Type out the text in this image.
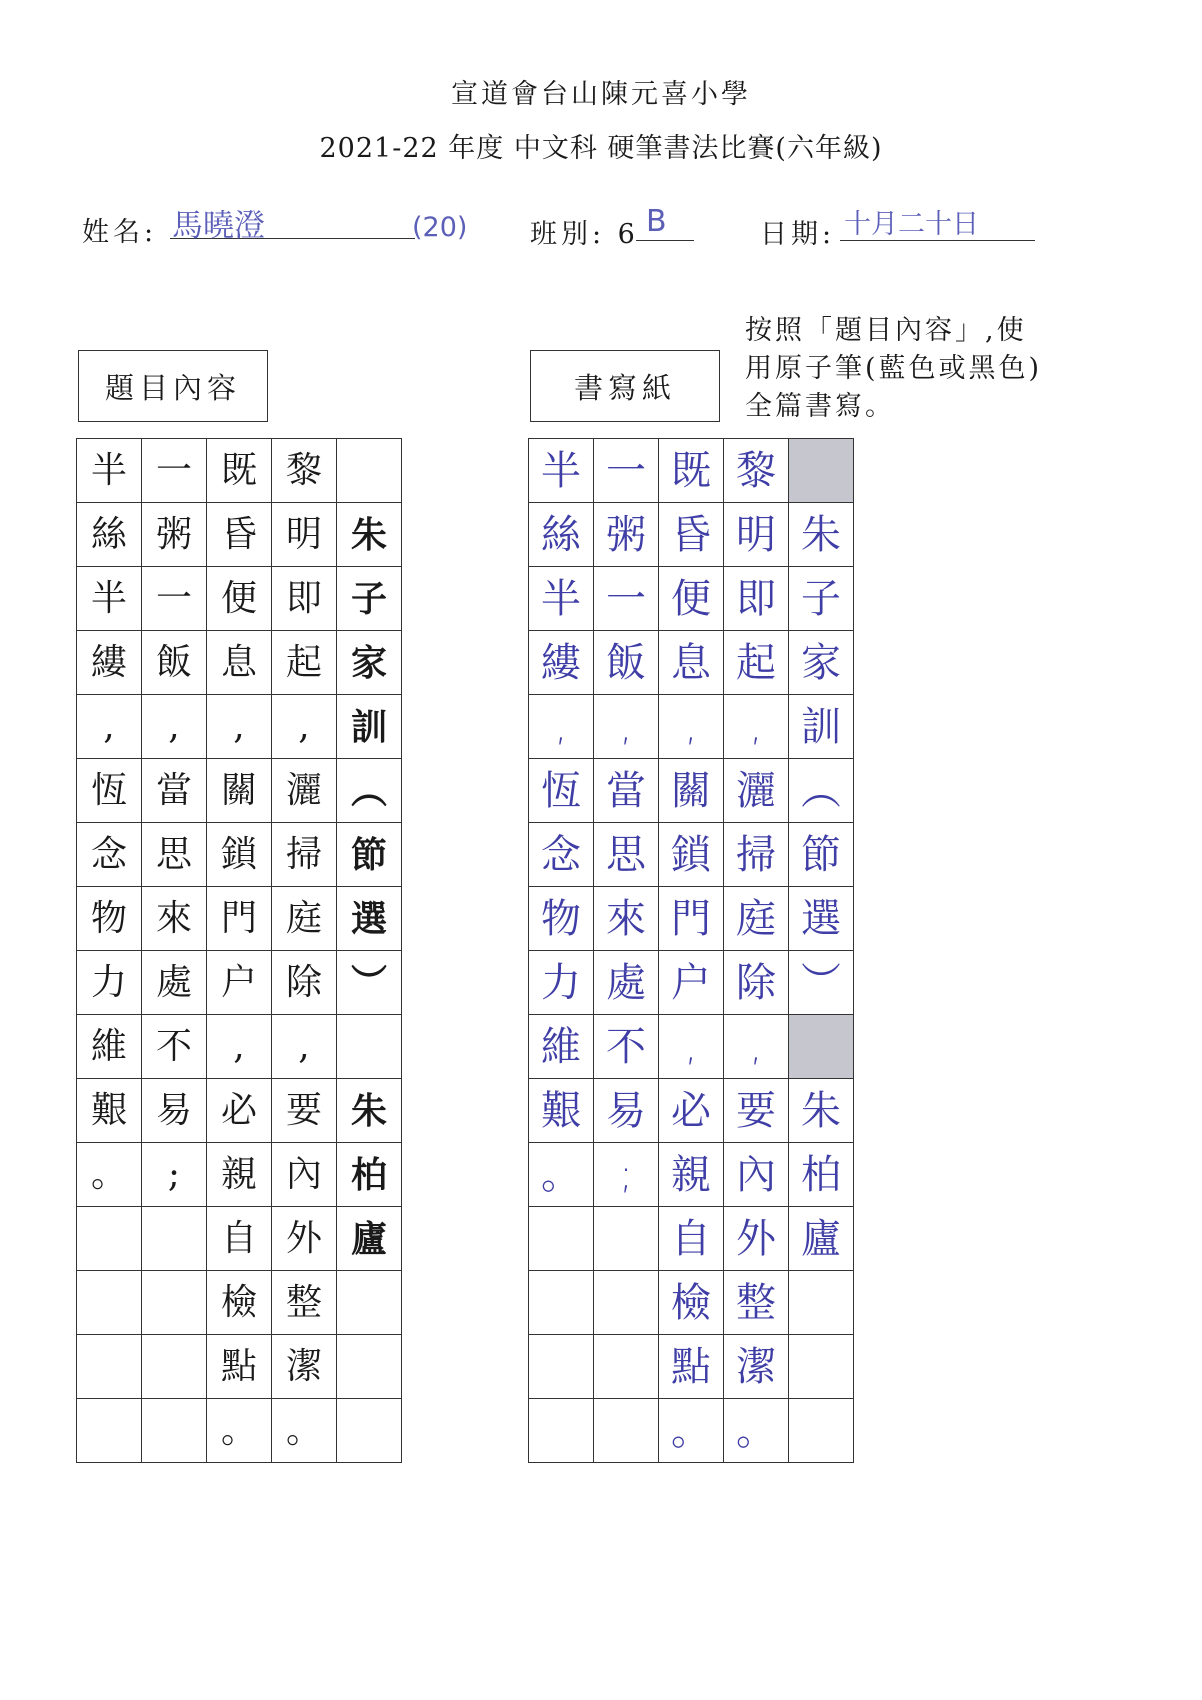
宣道會台山陳元喜小學
2021-22 年度 中文科 硬筆書法比賽(六年級)
姓名: 馬曉澄	(20) 班別: 6 B	日期: 十月二十日
題目內容	書寫紙
按照「題目內容」,使
用原子筆(藍色或黑色)
全篇書寫。
半	一	既	黎	
絲	粥	昏	明	朱
半	一	便	即	子
縷	飯	息	起	家
,	,	,	,	訓
恆	當	關	灑	︵
念	思	鎖	掃	節
物	來	門	庭	選
力	處	户	除	︶
維	不	,	,	
艱	易	必	要	朱
。	;	親	內	柏
		自	外	廬
		檢	整	
		點	潔	
		。	。	
半	一	既	黎	
絲	粥	昏	明	朱
半	一	便	即	子
縷	飯	息	起	家
,	,	,	,	訓
恆	當	關	灑	︵
念	思	鎖	掃	節
物	來	門	庭	選
力	處	户	除	︶
維	不	,	,	
艱	易	必	要	朱
。	;	親	內	柏
		自	外	廬
		檢	整	
		點	潔	
		。	。	
